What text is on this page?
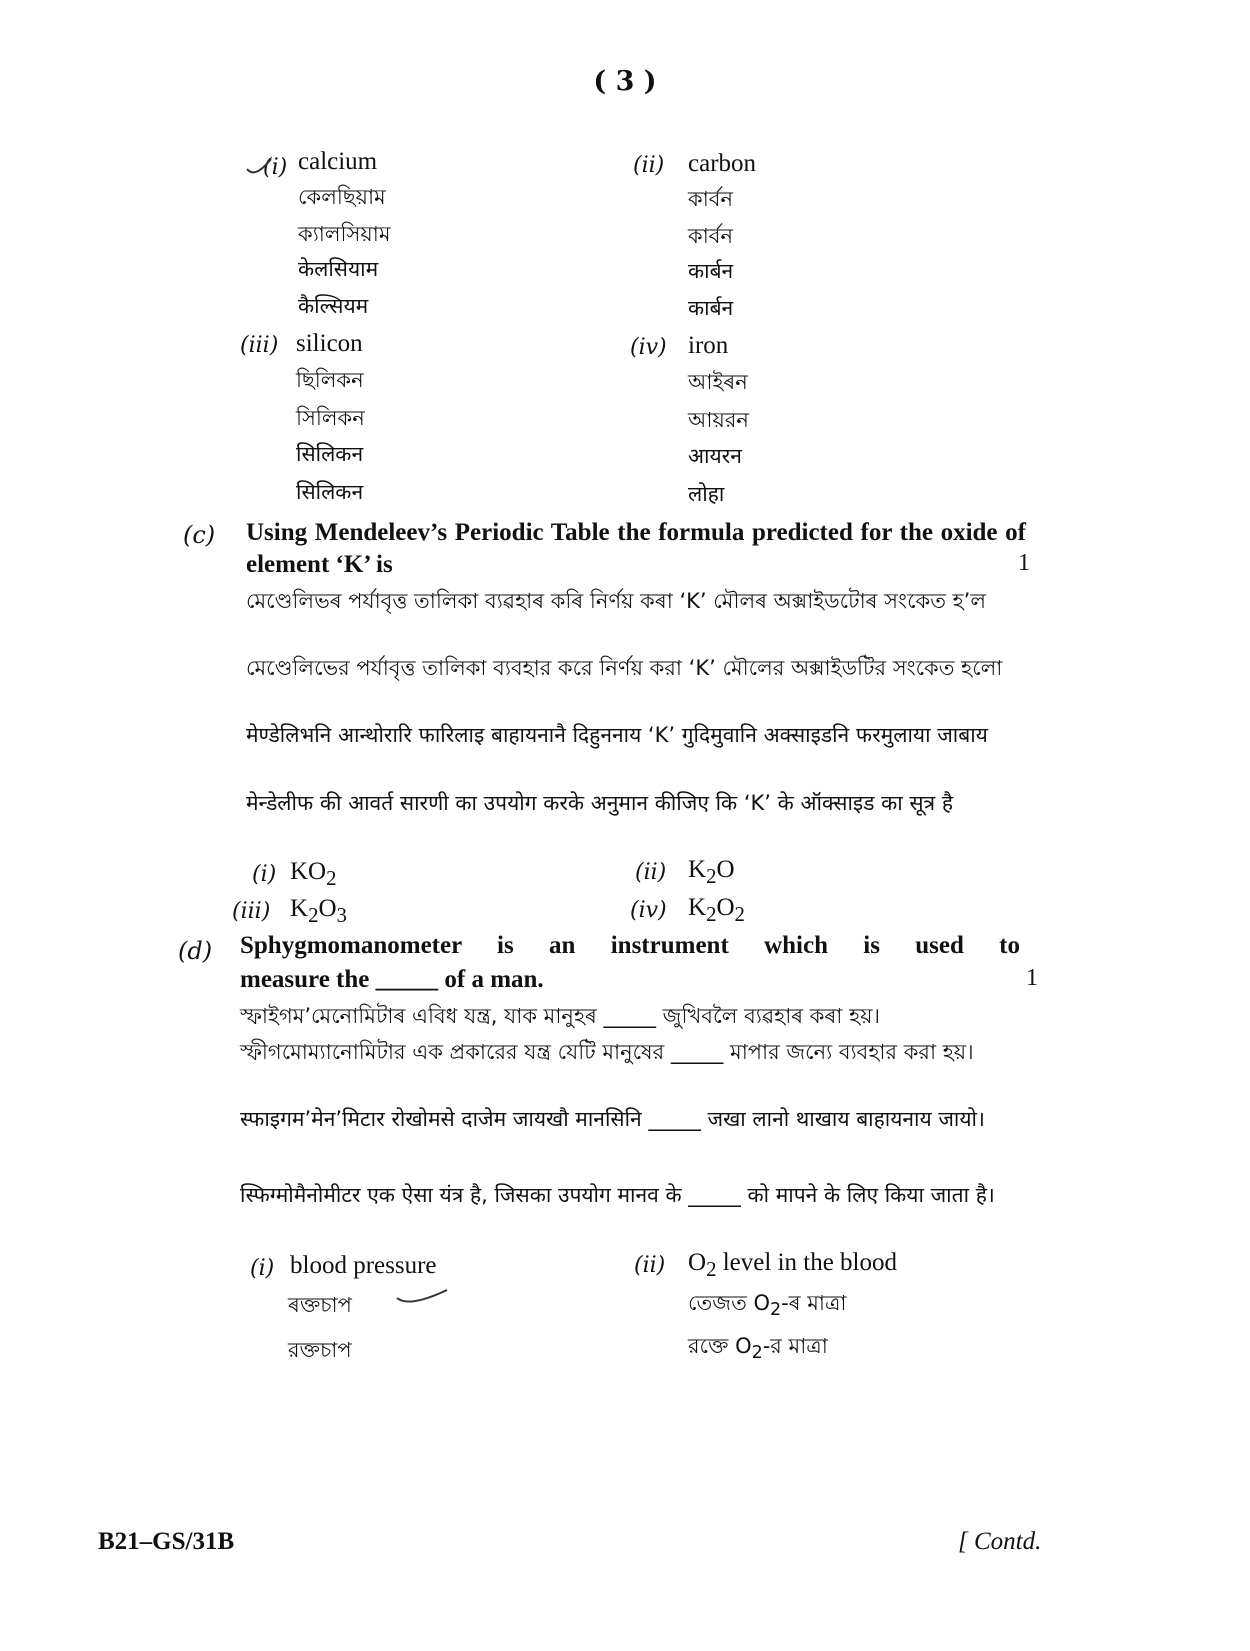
( 3 )
(i) calcium
কেলছিয়াম
ক্যালসিয়াম
केलसियाम
कैल्सियम
(ii) carbon
কাৰ্বন
কার্বন
कार्बन
कार्बन
(iii) silicon
ছিলিকন
সিলিকন
सिलिकन
सिलिकन
(iv) iron
আইৰন
আয়রন
आयरन
लोहा
(c) Using Mendeleev’s Periodic Table the formula predicted for the oxide of element ‘K’ is	1
মেণ্ডেলিভৰ পৰ্যাবৃত্ত তালিকা ব্যৱহাৰ কৰি নিৰ্ণয় কৰা ‘K’ মৌলৰ অক্সাইডটোৰ সংকেত হ’ল
মেণ্ডেলিভের পর্যাবৃত্ত তালিকা ব্যবহার করে নির্ণয় করা ‘K’ মৌলের অক্সাইডটির সংকেত হলো
मेण्डेलिभनि आन्थोरारि फारिलाइ बाहायनानै दिहुननाय ‘K’ गुदिमुवानि अक्साइडनि फरमुलाया जाबाय
मेन्डेलीफ की आवर्त सारणी का उपयोग करके अनुमान कीजिए कि ‘K’ के ऑक्साइड का सूत्र है
(i) $KO_2$	(ii) $K_2O$
(iii) $K_2O_3$	(iv) $K_2O_2$
(d) Sphygmomanometer is an instrument which is used to
measure the _____ of a man.	1
স্ফাইগম’মেনোমিটাৰ এবিধ যন্ত্ৰ, যাক মানুহৰ _____ জুখিবলৈ ব্যৱহাৰ কৰা হয়।
স্ফীগমোম্যানোমিটার এক প্রকারের যন্ত্র যেটি মানুষের _____ মাপার জন্যে ব্যবহার করা হয়।
स्फाइगम’मेन’मिटार रोखोमसे दाजेम जायखौ मानसिनि _____ जखा लानो थाखाय बाहायनाय जायो।
स्फिग्मोमैनोमीटर एक ऐसा यंत्र है, जिसका उपयोग मानव के _____ को मापने के लिए किया जाता है।
(i) blood pressure
ৰক্তচাপ
রক্তচাপ
(ii) $O_2$ level in the blood
তেজত $O_2-ৰ$ মাত্ৰা
রক্তে $O_2-র$ মাত্রা
B21–GS/31B	[ Contd.
